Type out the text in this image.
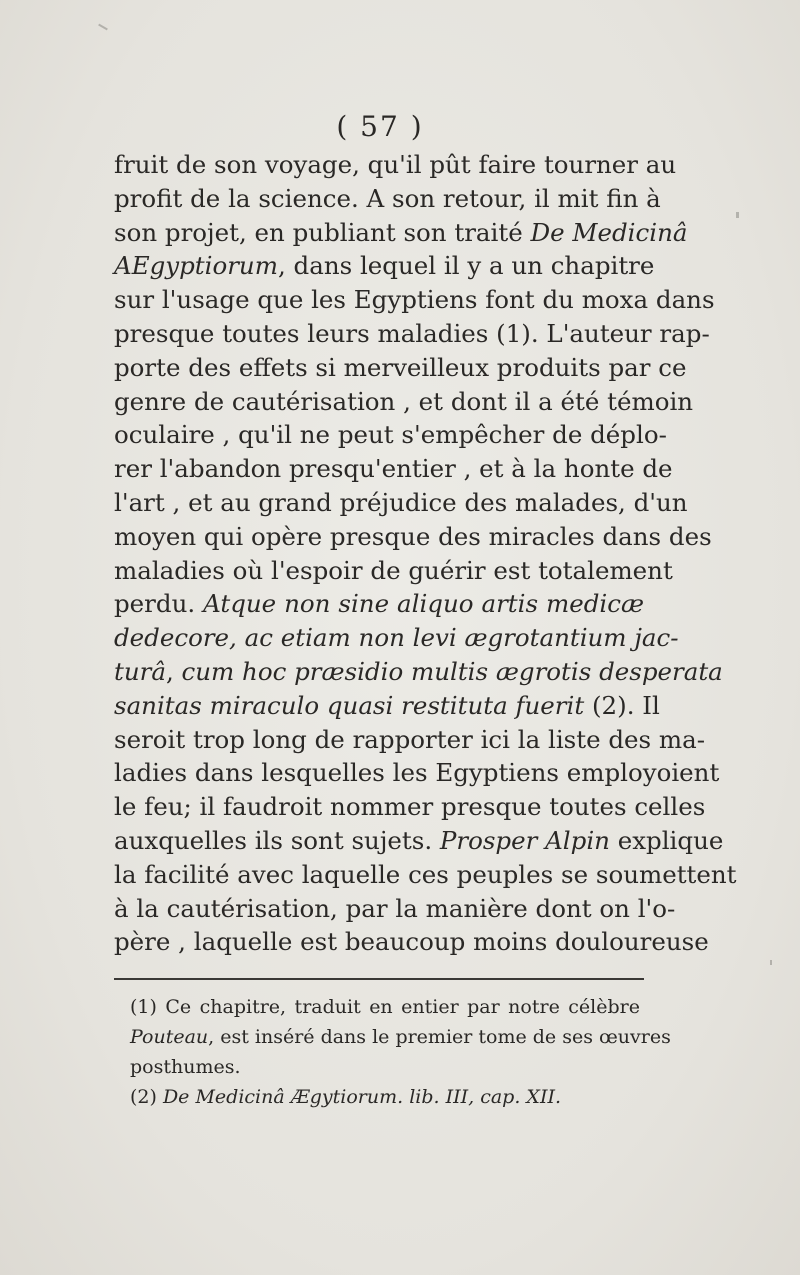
( 57 )
fruit de son voyage, qu'il pût faire tourner au
profit de la science. A son retour, il mit fin à
son projet, en publiant son traité De Medicinâ
AEgyptiorum, dans lequel il y a un chapitre
sur l'usage que les Egyptiens font du moxa dans
presque toutes leurs maladies (1). L'auteur rap-
porte des effets si merveilleux produits par ce
genre de cautérisation , et dont il a été témoin
oculaire , qu'il ne peut s'empêcher de déplo-
rer l'abandon presqu'entier , et à la honte de
l'art , et au grand préjudice des malades, d'un
moyen qui opère presque des miracles dans des
maladies où l'espoir de guérir est totalement
perdu. Atque non sine aliquo artis medicæ
dedecore, ac etiam non levi ægrotantium jac-
turâ, cum hoc præsidio multis ægrotis desperata
sanitas miraculo quasi restituta fuerit (2). Il
seroit trop long de rapporter ici la liste des ma-
ladies dans lesquelles les Egyptiens employoient
le feu; il faudroit nommer presque toutes celles
auxquelles ils sont sujets. Prosper Alpin explique
la facilité avec laquelle ces peuples se soumettent
à la cautérisation, par la manière dont on l'o-
père , laquelle est beaucoup moins douloureuse
(1) Ce chapitre, traduit en entier par notre célèbre
Pouteau, est inséré dans le premier tome de ses œuvres
posthumes.
(2) De Medicinâ Ægytiorum. lib. III, cap. XII.
